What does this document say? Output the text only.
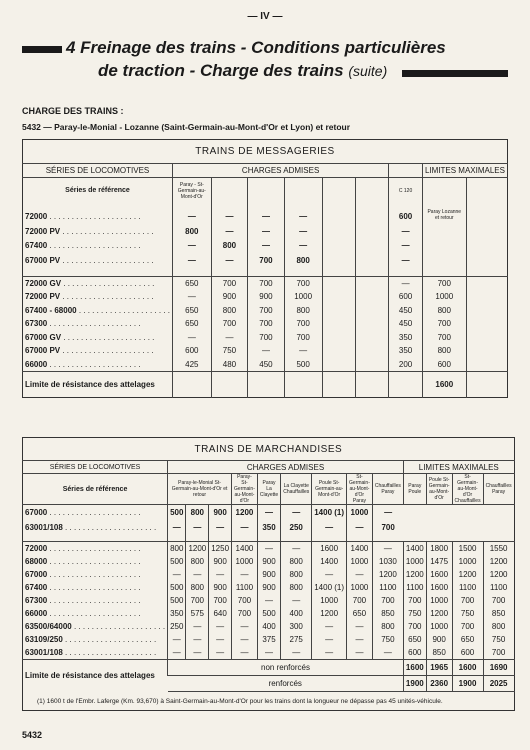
— IV —
4 Freinage des trains - Conditions particulières
de traction - Charge des trains (suite)
CHARGE DES TRAINS :
5432 — Paray-le-Monial - Lozanne (Saint-Germain-au-Mont-d'Or et Lyon) et retour
TRAINS DE MESSAGERIES									
SÉRIES DE LOCOMOTIVES	CHARGES ADMISES							LIMITES MAXIMALES	
Séries de référence	Paray - St-Germain-au-Mont-d'Or						C 120		
72000 . . .	—	—	—	—			600	Paray Lozanne et retour	
72000 PV . . .	800	—	—	—			—		
67400 . . .	—	800	—	—			—		
67000 PV . . .	—	—	700	800			—		

72000 GV . . .	650	700	700	700			—	700	
72000 PV . . .	—	900	900	1000			600	1000	
67400 - 68000 . . .	650	800	700	800			450	800	
67300 . . .	650	700	700	700			450	700	
67000 GV . . .	—	—	700	700			350	700	
67000 PV . . .	600	750	—	—			350	800	
66000 . . .	425	480	450	500			200	600	
Limite de résistance des attelages								1600	
TRAINS DE MARCHANDISES													
SÉRIES DE LOCOMOTIVES	CHARGES ADMISES									LIMITES MAXIMALES			
Séries de référence	Paray-le-Monial St-Germain-au-Mont-d'Or et retour			Paray-St-Germain-au-Mont-d'Or	Paray La Clayette	La Clayette Chauffailles	Poule St-Germain-au-Mont-d'Or	St-Germain-au-Mont-d'Or Paray	Chauffailles Paray	Paray Poule	Poule St-Germain-au-Mont-d'Or	St-Germain-au-Mont-d'Or Chauffailles	Chauffailles Paray
67000 . . .	500	800	900	1200	—	—	1400 (1)	1000	—				
63001/108 . . .	—	—	—	—	350	250	—	—	700				

72000 . . .	800	1200	1250	1400	—	—	1600	1400	—	1400	1800	1500	1550
68000 . . .	500	800	900	1000	900	800	1400	1000	1030	1000	1475	1000	1200
67000 . . .	—	—	—	—	900	800	—	—	1200	1200	1600	1200	1200
67400 . . .	500	800	900	1100	900	800	1400 (1)	1000	1100	1100	1600	1100	1100
67300 . . .	500	700	700	700	—	—	1000	700	700	700	1000	700	700
66000 . . .	350	575	640	700	500	400	1200	650	850	750	1200	750	850
63500/64000 . . .	250	—	—	—	400	300	—	—	800	700	1000	700	800
63109/250 . . .	—	—	—	—	375	275	—	—	750	650	900	650	750
63001/108 . . .	—	—	—	—	—	—	—	—	—	600	850	600	700
Limite de résistance des attelages	non renforcés									1600	1965	1600	1690
	renforcés									1900	2360	1900	2025
(1) 1600 t de l'Embr. Laferge (Km. 93,670) à Saint-Germain-au-Mont-d'Or pour les trains dont la longueur ne dépasse pas 45 unités-véhicule.													
5432
